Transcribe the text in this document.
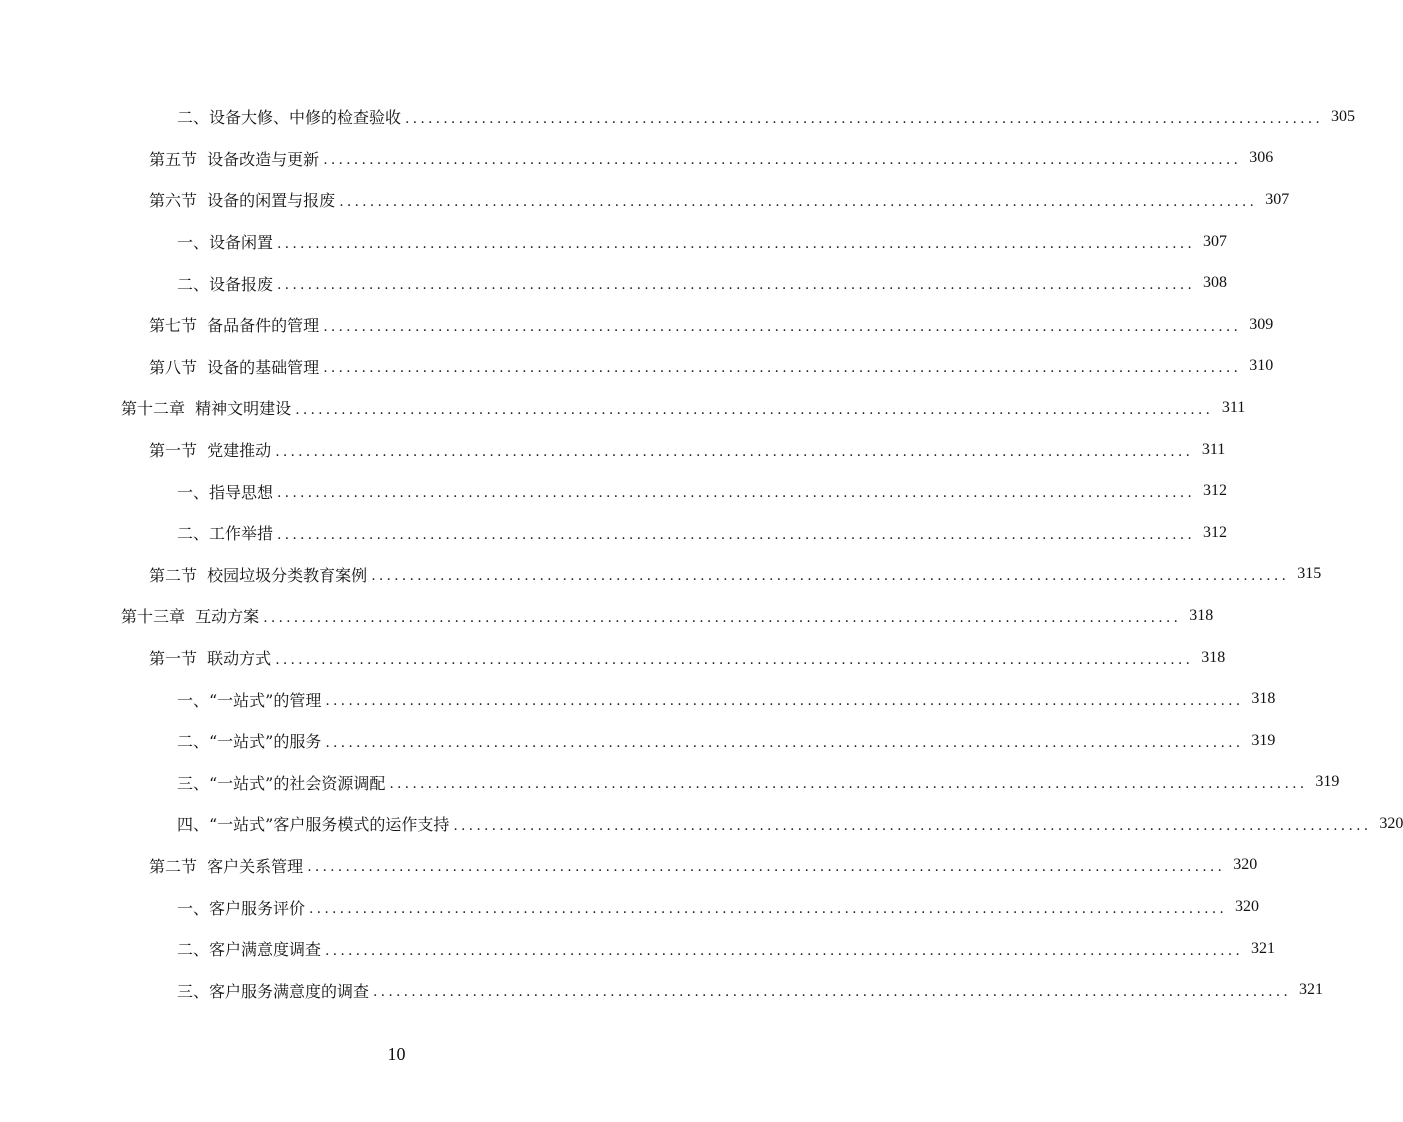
二、设备大修、中修的检查验收 ........................................................................................................................ 305
第五节  设备改造与更新 ........................................................................................................................ 306
第六节  设备的闲置与报废 ........................................................................................................................ 307
一、设备闲置 ........................................................................................................................ 307
二、设备报废 ........................................................................................................................ 308
第七节  备品备件的管理 ........................................................................................................................ 309
第八节  设备的基础管理 ........................................................................................................................ 310
第十二章  精神文明建设 ........................................................................................................................ 311
第一节  党建推动 ........................................................................................................................ 311
一、指导思想 ........................................................................................................................ 312
二、工作举措 ........................................................................................................................ 312
第二节  校园垃圾分类教育案例 ........................................................................................................................ 315
第十三章  互动方案 ........................................................................................................................ 318
第一节  联动方式 ........................................................................................................................ 318
一、“一站式”的管理 ........................................................................................................................ 318
二、“一站式”的服务 ........................................................................................................................ 319
三、“一站式”的社会资源调配 ........................................................................................................................ 319
四、“一站式”客户服务模式的运作支持 ........................................................................................................................ 320
第二节  客户关系管理 ........................................................................................................................ 320
一、客户服务评价 ........................................................................................................................ 320
二、客户满意度调查 ........................................................................................................................ 321
三、客户服务满意度的调查 ........................................................................................................................ 321
10
